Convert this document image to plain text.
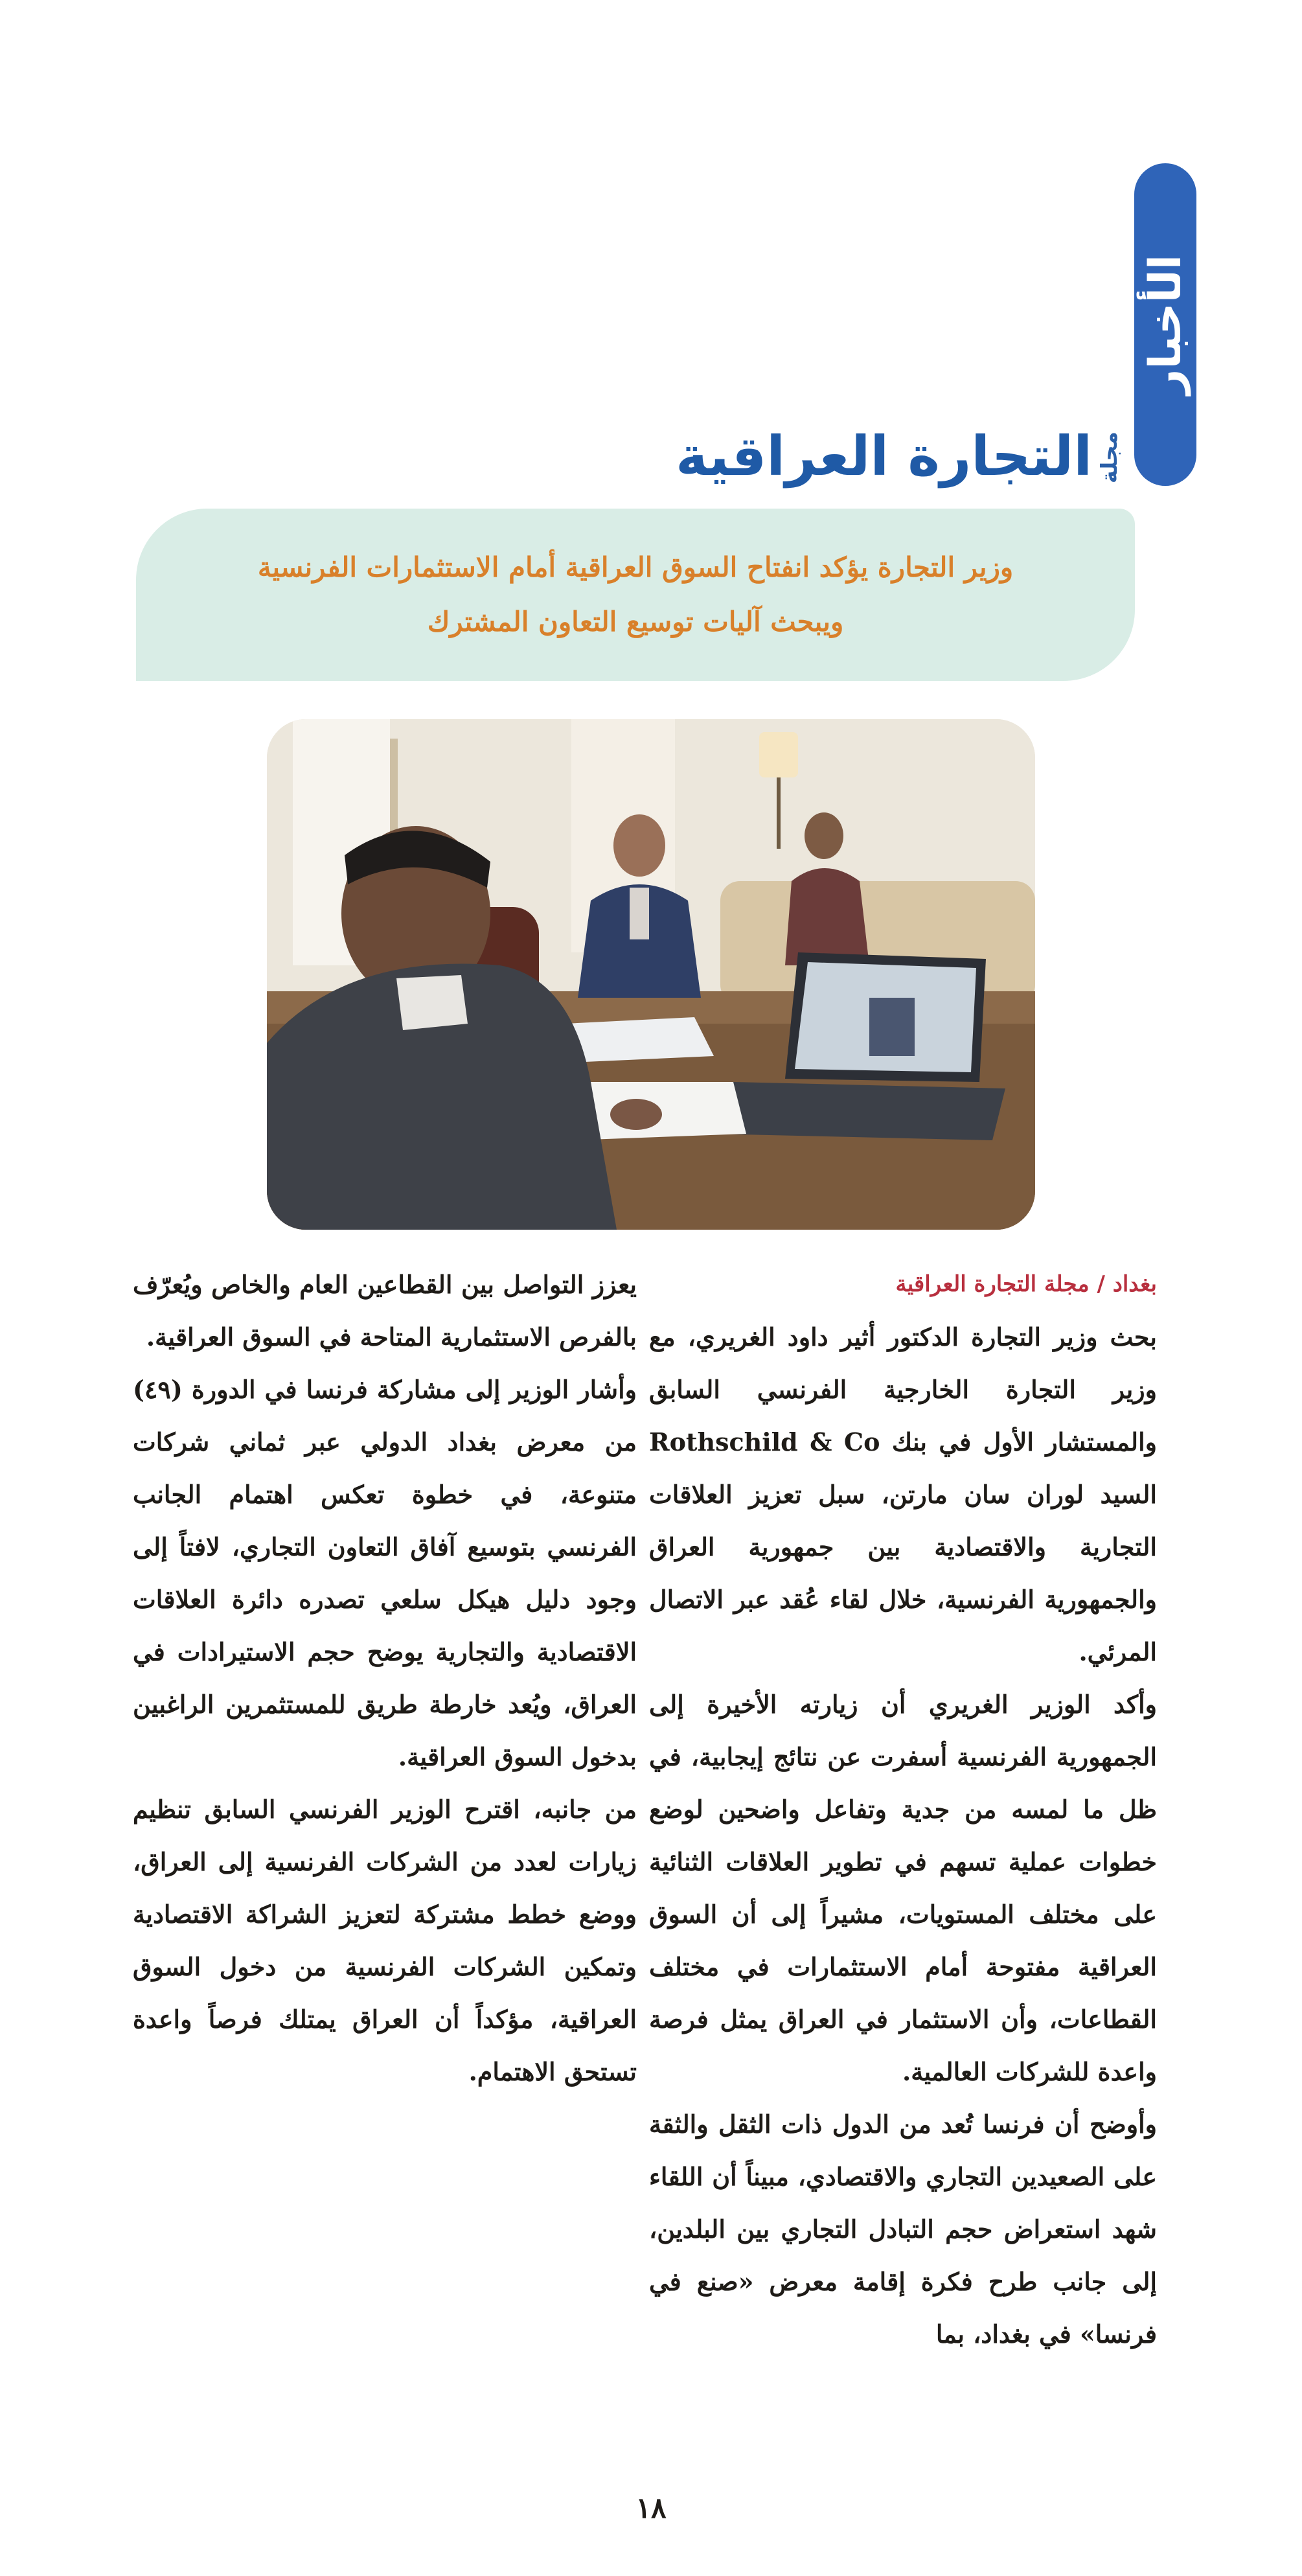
الأخبار
مجلة
التجارة العراقية
وزير التجارة يؤكد انفتاح السوق العراقية أمام الاستثمارات الفرنسية
ويبحث آليات توسيع التعاون المشترك
بغداد / مجلة التجارة العراقية

بحث وزير التجارة الدكتور أثير داود الغريري، مع وزير التجارة الخارجية الفرنسي السابق والمستشار الأول في بنك Rothschild & Co السيد لوران سان مارتن، سبل تعزيز العلاقات التجارية والاقتصادية بين جمهورية العراق والجمهورية الفرنسية، خلال لقاء عُقد عبر الاتصال المرئي.

وأكد الوزير الغريري أن زيارته الأخيرة إلى الجمهورية الفرنسية أسفرت عن نتائج إيجابية، في ظل ما لمسه من جدية وتفاعل واضحين لوضع خطوات عملية تسهم في تطوير العلاقات الثنائية على مختلف المستويات، مشيراً إلى أن السوق العراقية مفتوحة أمام الاستثمارات في مختلف القطاعات، وأن الاستثمار في العراق يمثل فرصة واعدة للشركات العالمية.

وأوضح أن فرنسا تُعد من الدول ذات الثقل والثقة على الصعيدين التجاري والاقتصادي، مبيناً أن اللقاء شهد استعراض حجم التبادل التجاري بين البلدين، إلى جانب طرح فكرة إقامة معرض «صنع في فرنسا» في بغداد، بما

يعزز التواصل بين القطاعين العام والخاص ويُعرّف بالفرص الاستثمارية المتاحة في السوق العراقية.

وأشار الوزير إلى مشاركة فرنسا في الدورة (٤٩) من معرض بغداد الدولي عبر ثماني شركات متنوعة، في خطوة تعكس اهتمام الجانب الفرنسي بتوسيع آفاق التعاون التجاري، لافتاً إلى وجود دليل هيكل سلعي تصدره دائرة العلاقات الاقتصادية والتجارية يوضح حجم الاستيرادات في العراق، ويُعد خارطة طريق للمستثمرين الراغبين بدخول السوق العراقية.

من جانبه، اقترح الوزير الفرنسي السابق تنظيم زيارات لعدد من الشركات الفرنسية إلى العراق، ووضع خطط مشتركة لتعزيز الشراكة الاقتصادية وتمكين الشركات الفرنسية من دخول السوق العراقية، مؤكداً أن العراق يمتلك فرصاً واعدة تستحق الاهتمام.

١٨
